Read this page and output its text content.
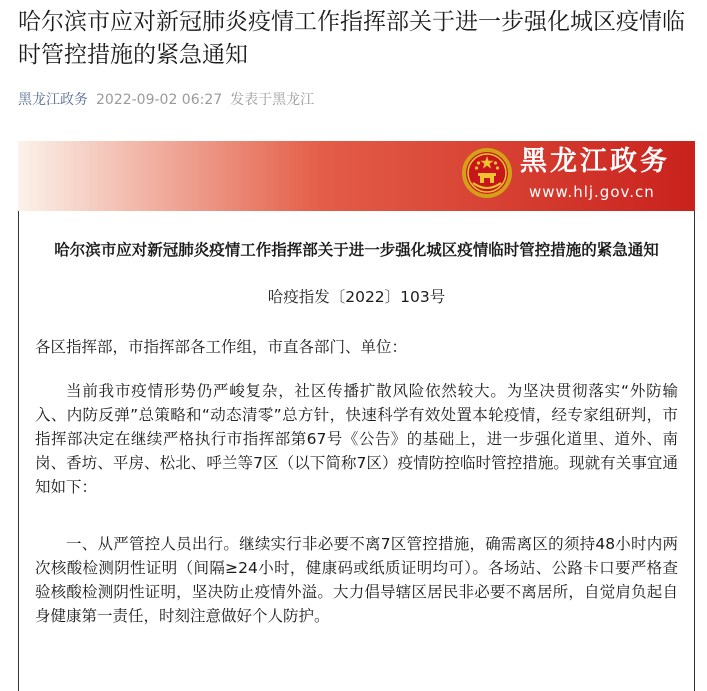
哈尔滨市应对新冠肺炎疫情工作指挥部关于进一步强化城区疫情临时管控措施的紧急通知
黑龙江政务 2022-09-02 06:27 发表于黑龙江
黑龙江政务
www.hlj.gov.cn
哈尔滨市应对新冠肺炎疫情工作指挥部关于进一步强化城区疫情临时管控措施的紧急通知
哈疫指发〔2022〕103号
各区指挥部，市指挥部各工作组，市直各部门、单位：

当前我市疫情形势仍严峻复杂，社区传播扩散风险依然较大。为坚决贯彻落实“外防输入、内防反弹”总策略和“动态清零”总方针，快速科学有效处置本轮疫情，经专家组研判，市指挥部决定在继续严格执行市指挥部第67号《公告》的基础上，进一步强化道里、道外、南岗、香坊、平房、松北、呼兰等7区（以下简称7区）疫情防控临时管控措施。现就有关事宜通知如下：

一、从严管控人员出行。继续实行非必要不离7区管控措施，确需离区的须持48小时内两次核酸检测阴性证明（间隔≥24小时，健康码或纸质证明均可）。各场站、公路卡口要严格查验核酸检测阴性证明，坚决防止疫情外溢。大力倡导辖区居民非必要不离居所，自觉肩负起自身健康第一责任，时刻注意做好个人防护。
